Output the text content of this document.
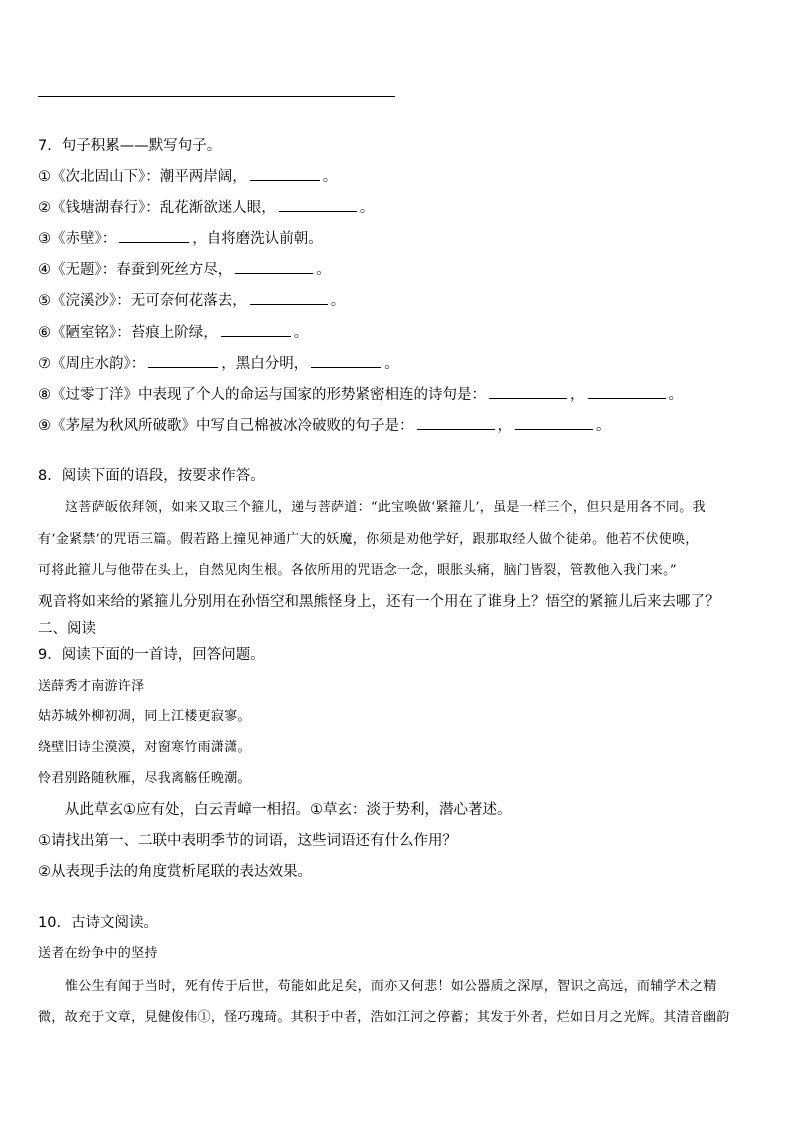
7．句子积累——默写句子。
①《次北固山下》：潮平两岸阔，	。
②《钱塘湖春行》：乱花渐欲迷人眼，	。
③《赤壁》：	，自将磨洗认前朝。
④《无题》：春蚕到死丝方尽，	。
⑤《浣溪沙》：无可奈何花落去，	。
⑥《陋室铭》：苔痕上阶绿，	。
⑦《周庄水韵》：	，黑白分明，	。
⑧《过零丁洋》中表现了个人的命运与国家的形势紧密相连的诗句是：	，	。
⑨《茅屋为秋风所破歌》中写自己棉被冰冷破败的句子是：	，	。
8．阅读下面的语段，按要求作答。
这菩萨皈依拜领，如来又取三个箍儿，递与菩萨道：“此宝唤做‘紧箍儿’，虽是一样三个，但只是用各不同。我
有‘金紧禁’的咒语三篇。假若路上撞见神通广大的妖魔，你须是劝他学好，跟那取经人做个徒弟。他若不伏使唤，
可将此箍儿与他带在头上，自然见肉生根。各依所用的咒语念一念，眼胀头痛，脑门皆裂，管教他入我门来。”
观音将如来给的紧箍儿分别用在孙悟空和黑熊怪身上，还有一个用在了谁身上？悟空的紧箍儿后来去哪了？
二、阅读
9．阅读下面的一首诗，回答问题。
送薛秀才南游许泽
姑苏城外柳初凋，同上江楼更寂寥。
绕壁旧诗尘漠漠，对窗寒竹雨潇潇。
怜君别路随秋雁，尽我离觞任晚潮。
从此草玄①应有处，白云青嶂一相招。①草玄：淡于势利，潜心著述。
①请找出第一、二联中表明季节的词语，这些词语还有什么作用？
②从表现手法的角度赏析尾联的表达效果。
10．古诗文阅读。
送者在纷争中的坚持
惟公生有闻于当时，死有传于后世，苟能如此足矣，而亦又何悲！如公器质之深厚，智识之高远，而辅学术之精
微，故充于文章，見健俊伟①，怪巧瑰琦。其积于中者，浩如江河之停蓄；其发于外者，烂如日月之光辉。其清音幽韵
